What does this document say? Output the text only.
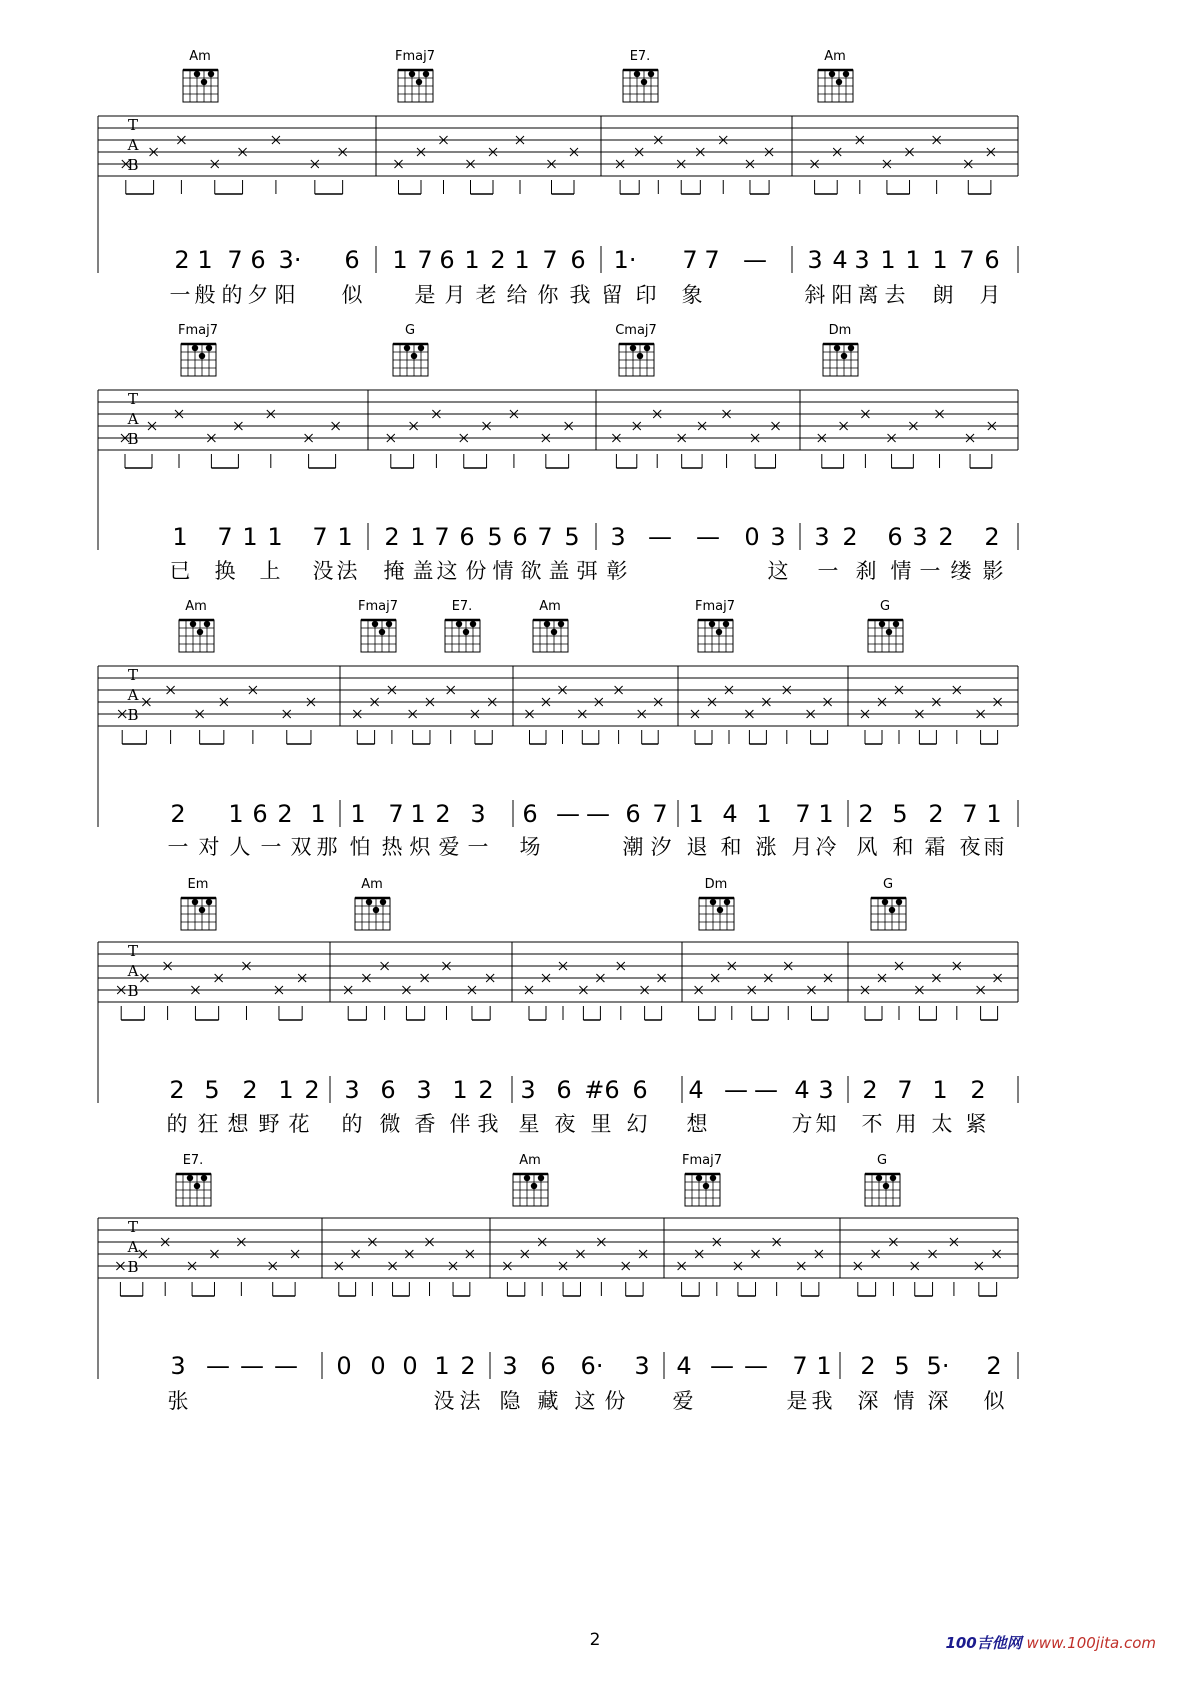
T
A
B
Am	Fmaj7	E7.	Am
2 1 7 6 3· 6
一 般 的 夕 阳 似
1 7 6 1 2 1 7 6
是 月 老 给 你 我 留 印
1· 7 7 —
象
3 4 3 1 1 1 7 6
斜 阳 离 去 朗 月
T
A
B
Fmaj7	G	Cmaj7	Dm
1 7 1 1 7 1
已 换 上 没 法
2 1 7 6 5 6 7 5
掩 盖 这 份 情 欲 盖 弭
3 — — 0 3
彰	这
3 2 6 3 2 2
一 刹 情 一 缕 影
T
A
B
Am	Fmaj7	E7.	Am	Fmaj7	G
2 1 6 2 1
一 对 人 一 双 那
1 7 1 2 3
怕 热 炽 爱 一
6 — — 6 7
场	潮 汐
1 4 1 7 1
退 和 涨 月 冷
2 5 2 7 1
风 和 霜 夜 雨
T
A
B
Em	Am	Dm	G
2 5 2 1 2
的 狂 想 野 花
3 6 3 1 2
的 微 香 伴 我
3 6 #6 6
星 夜 里 幻
4 — — 4 3
想	方 知
2 7 1 2
不 用 太 紧
T
A
B
E7.	Am	Fmaj7	G
3 — — —
张
0 0 0 1 2
没 法
3 6 6· 3
隐 藏 这 份
4 — — 7 1
爱	是 我
2 5 5· 2
深 情 深 似
2	100吉他网 www.100jita.com
